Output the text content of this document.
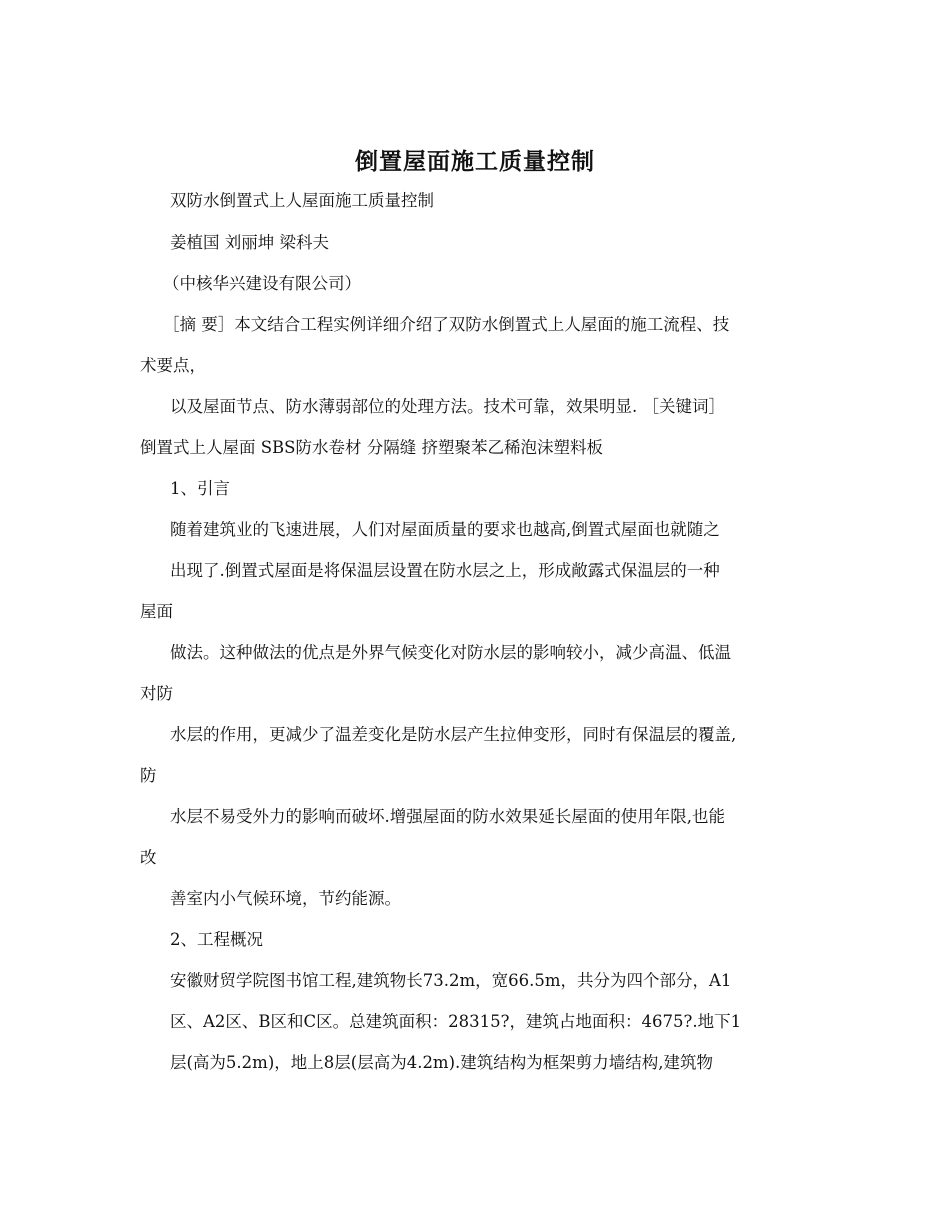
倒置屋面施工质量控制
双防水倒置式上人屋面施工质量控制
姜植国 刘丽坤 梁科夫
（中核华兴建设有限公司）
［摘 要］本文结合工程实例详细介绍了双防水倒置式上人屋面的施工流程、技
术要点，
以及屋面节点、防水薄弱部位的处理方法。技术可靠，效果明显. ［关键词］
倒置式上人屋面 SBS防水卷材 分隔缝 挤塑聚苯乙稀泡沫塑料板
1、引言
随着建筑业的飞速进展，人们对屋面质量的要求也越高,倒置式屋面也就随之
出现了.倒置式屋面是将保温层设置在防水层之上，形成敞露式保温层的一种
屋面
做法。这种做法的优点是外界气候变化对防水层的影响较小，减少高温、低温
对防
水层的作用，更减少了温差变化是防水层产生拉伸变形，同时有保温层的覆盖,
防
水层不易受外力的影响而破坏.增强屋面的防水效果延长屋面的使用年限,也能
改
善室内小气候环境，节约能源。
2、工程概况
安徽财贸学院图书馆工程,建筑物长73.2m，宽66.5m，共分为四个部分，A1
区、A2区、B区和C区。总建筑面积：28315?，建筑占地面积：4675?.地下1
层(高为5.2m)，地上8层(层高为4.2m).建筑结构为框架剪力墙结构,建筑物
